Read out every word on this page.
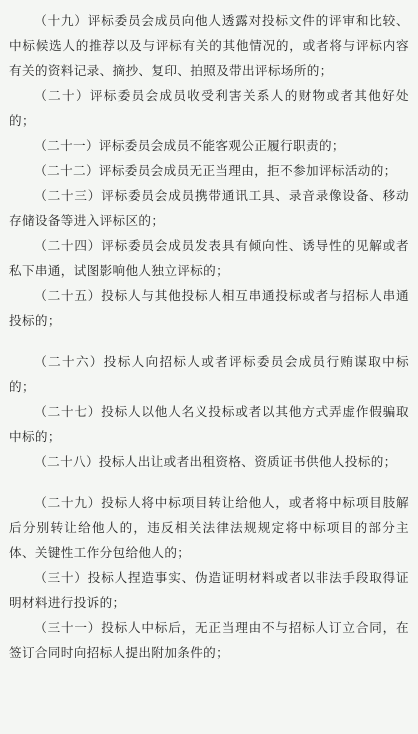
（十九）评标委员会成员向他人透露对投标文件的评审和比较、中标候选人的推荐以及与评标有关的其他情况的，或者将与评标内容有关的资料记录、摘抄、复印、拍照及带出评标场所的；

（二十）评标委员会成员收受利害关系人的财物或者其他好处的；

（二十一）评标委员会成员不能客观公正履行职责的；

（二十二）评标委员会成员无正当理由，拒不参加评标活动的；

（二十三）评标委员会成员携带通讯工具、录音录像设备、移动存储设备等进入评标区的；

（二十四）评标委员会成员发表具有倾向性、诱导性的见解或者私下串通，试图影响他人独立评标的；

（二十五）投标人与其他投标人相互串通投标或者与招标人串通投标的；

（二十六）投标人向招标人或者评标委员会成员行贿谋取中标的；

（二十七）投标人以他人名义投标或者以其他方式弄虚作假骗取中标的；

（二十八）投标人出让或者出租资格、资质证书供他人投标的；

（二十九）投标人将中标项目转让给他人，或者将中标项目肢解后分别转让给他人的，违反相关法律法规规定将中标项目的部分主体、关键性工作分包给他人的；

（三十）投标人捏造事实、伪造证明材料或者以非法手段取得证明材料进行投诉的；

（三十一）投标人中标后，无正当理由不与招标人订立合同，在签订合同时向招标人提出附加条件的；
